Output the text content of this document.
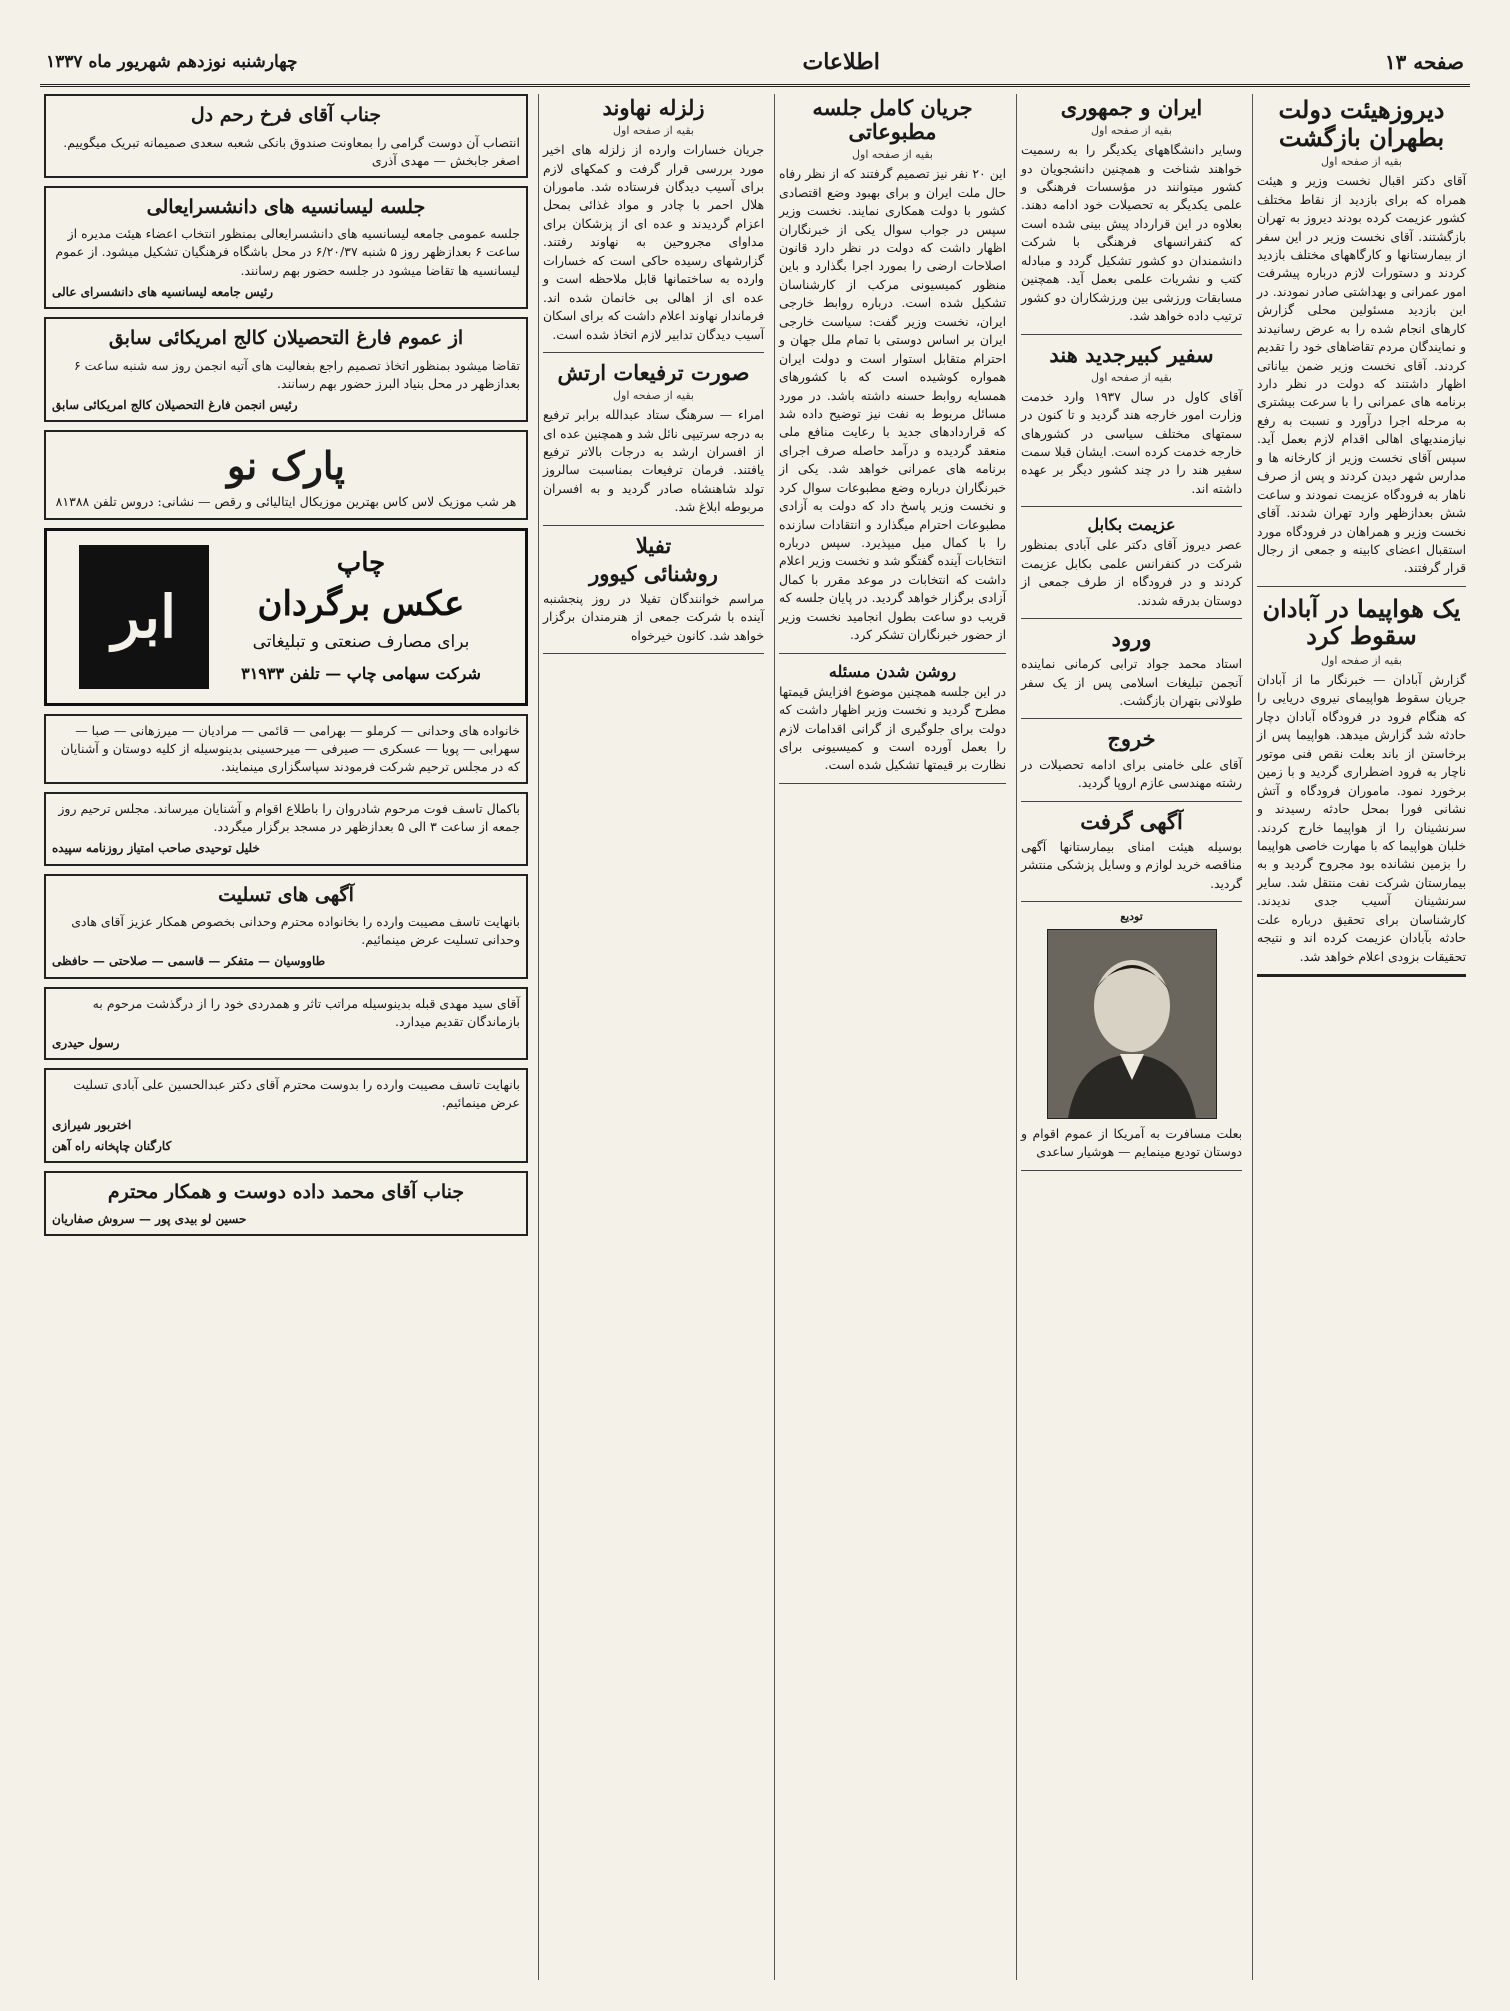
صفحه ۱۳
اطلاعات
چهارشنبه نوزدهم شهریور ماه ۱۳۳۷
دیروزهیئت دولت بطهران بازگشت
بقیه از صفحه اول
آقای دکتر اقبال نخست وزیر و هیئت همراه که برای بازدید از نقاط مختلف کشور عزیمت کرده بودند دیروز به تهران بازگشتند. آقای نخست وزیر در این سفر از بیمارستانها و کارگاههای مختلف بازدید کردند و دستورات لازم درباره پیشرفت امور عمرانی و بهداشتی صادر نمودند. در این بازدید مسئولین محلی گزارش کارهای انجام شده را به عرض رسانیدند و نمایندگان مردم تقاضاهای خود را تقدیم کردند. آقای نخست وزیر ضمن بیاناتی اظهار داشتند که دولت در نظر دارد برنامه های عمرانی را با سرعت بیشتری به مرحله اجرا درآورد و نسبت به رفع نیازمندیهای اهالی اقدام لازم بعمل آید. سپس آقای نخست وزیر از کارخانه ها و مدارس شهر دیدن کردند و پس از صرف ناهار به فرودگاه عزیمت نمودند و ساعت شش بعدازظهر وارد تهران شدند. آقای نخست وزیر و همراهان در فرودگاه مورد استقبال اعضای کابینه و جمعی از رجال قرار گرفتند.
یک هواپیما در آبادان سقوط کرد
بقیه از صفحه اول
گزارش آبادان — خبرنگار ما از آبادان جریان سقوط هواپیمای نیروی دریایی را که هنگام فرود در فرودگاه آبادان دچار حادثه شد گزارش میدهد. هواپیما پس از برخاستن از باند بعلت نقص فنی موتور ناچار به فرود اضطراری گردید و با زمین برخورد نمود. ماموران فرودگاه و آتش نشانی فورا بمحل حادثه رسیدند و سرنشینان را از هواپیما خارج کردند. خلبان هواپیما که با مهارت خاصی هواپیما را بزمین نشانده بود مجروح گردید و به بیمارستان شرکت نفت منتقل شد. سایر سرنشینان آسیب جدی ندیدند. کارشناسان برای تحقیق درباره علت حادثه بآبادان عزیمت کرده اند و نتیجه تحقیقات بزودی اعلام خواهد شد.
ایران و جمهوری
بقیه از صفحه اول
وسایر دانشگاههای یکدیگر را به رسمیت خواهند شناخت و همچنین دانشجویان دو کشور میتوانند در مؤسسات فرهنگی و علمی یکدیگر به تحصیلات خود ادامه دهند. بعلاوه در این قرارداد پیش بینی شده است که کنفرانسهای فرهنگی با شرکت دانشمندان دو کشور تشکیل گردد و مبادله کتب و نشریات علمی بعمل آید. همچنین مسابقات ورزشی بین ورزشکاران دو کشور ترتیب داده خواهد شد.
سفیر کبیرجدید هند
بقیه از صفحه اول
آقای کاول در سال ۱۹۳۷ وارد خدمت وزارت امور خارجه هند گردید و تا کنون در سمتهای مختلف سیاسی در کشورهای خارجه خدمت کرده است. ایشان قبلا سمت سفیر هند را در چند کشور دیگر بر عهده داشته اند.
عزیمت بکابل
عصر دیروز آقای دکتر علی آبادی بمنظور شرکت در کنفرانس علمی بکابل عزیمت کردند و در فرودگاه از طرف جمعی از دوستان بدرقه شدند.
ورود
استاد محمد جواد ترابی کرمانی نماینده آنجمن تبلیغات اسلامی پس از یک سفر طولانی بتهران بازگشت.
خروج
آقای علی خامنی برای ادامه تحصیلات در رشته مهندسی عازم اروپا گردید.
آگهی گرفت
بوسیله هیئت امنای بیمارستانها آگهی مناقصه خرید لوازم و وسایل پزشکی منتشر گردید.
تودیع
بعلت مسافرت به آمریکا از عموم اقوام و دوستان تودیع مینمایم — هوشیار ساعدی
جریان کامل جلسه مطبوعاتی
بقیه از صفحه اول
این ۲۰ نفر نیز تصمیم گرفتند که از نظر رفاه حال ملت ایران و برای بهبود وضع اقتصادی کشور با دولت همکاری نمایند. نخست وزیر سپس در جواب سوال یکی از خبرنگاران اظهار داشت که دولت در نظر دارد قانون اصلاحات ارضی را بمورد اجرا بگذارد و باین منظور کمیسیونی مرکب از کارشناسان تشکیل شده است. درباره روابط خارجی ایران، نخست وزیر گفت: سیاست خارجی ایران بر اساس دوستی با تمام ملل جهان و احترام متقابل استوار است و دولت ایران همواره کوشیده است که با کشورهای همسایه روابط حسنه داشته باشد. در مورد مسائل مربوط به نفت نیز توضیح داده شد که قراردادهای جدید با رعایت منافع ملی منعقد گردیده و درآمد حاصله صرف اجرای برنامه های عمرانی خواهد شد. یکی از خبرنگاران درباره وضع مطبوعات سوال کرد و نخست وزیر پاسخ داد که دولت به آزادی مطبوعات احترام میگذارد و انتقادات سازنده را با کمال میل میپذیرد. سپس درباره انتخابات آینده گفتگو شد و نخست وزیر اعلام داشت که انتخابات در موعد مقرر با کمال آزادی برگزار خواهد گردید. در پایان جلسه که قریب دو ساعت بطول انجامید نخست وزیر از حضور خبرنگاران تشکر کرد.
روشن شدن مسئله
در این جلسه همچنین موضوع افزایش قیمتها مطرح گردید و نخست وزیر اظهار داشت که دولت برای جلوگیری از گرانی اقدامات لازم را بعمل آورده است و کمیسیونی برای نظارت بر قیمتها تشکیل شده است.
زلزله نهاوند
بقیه از صفحه اول
جریان خسارات وارده از زلزله های اخیر مورد بررسی قرار گرفت و کمکهای لازم برای آسیب دیدگان فرستاده شد. ماموران هلال احمر با چادر و مواد غذائی بمحل اعزام گردیدند و عده ای از پزشکان برای مداوای مجروحین به نهاوند رفتند. گزارشهای رسیده حاکی است که خسارات وارده به ساختمانها قابل ملاحظه است و عده ای از اهالی بی خانمان شده اند. فرماندار نهاوند اعلام داشت که برای اسکان آسیب دیدگان تدابیر لازم اتخاذ شده است.
صورت ترفیعات ارتش
بقیه از صفحه اول
امراء — سرهنگ ستاد عبدالله برابر ترفیع به درجه سرتیپی نائل شد و همچنین عده ای از افسران ارشد به درجات بالاتر ترفیع یافتند. فرمان ترفیعات بمناسبت سالروز تولد شاهنشاه صادر گردید و به افسران مربوطه ابلاغ شد.
تفیلا
روشنائی کیوور
مراسم خوانندگان تفیلا در روز پنجشنبه آینده با شرکت جمعی از هنرمندان برگزار خواهد شد. کانون خیرخواه
جناب آقای فرخ رحم دل
انتصاب آن دوست گرامی را بمعاونت صندوق بانکی شعبه سعدی صمیمانه تبریک میگوییم. اصغر جابخش — مهدی آذری
جلسه لیسانسیه های دانشسرایعالی
جلسه عمومی جامعه لیسانسیه های دانشسرایعالی بمنظور انتخاب اعضاء هیئت مدیره از ساعت ۶ بعدازظهر روز ۵ شنبه ۶/۲۰/۳۷ در محل باشگاه فرهنگیان تشکیل میشود. از عموم لیسانسیه ها تقاضا میشود در جلسه حضور بهم رسانند.
رئیس جامعه لیسانسیه های دانشسرای عالی
از عموم فارغ التحصیلان کالج امریکائی سابق
تقاضا میشود بمنظور اتخاذ تصمیم راجع بفعالیت های آتیه انجمن روز سه شنبه ساعت ۶ بعدازظهر در محل بنیاد البرز حضور بهم رسانند.
رئیس انجمن فارغ التحصیلان کالج امریکائی سابق
پارک نو
هر شب موزیک لاس کاس بهترین موزیکال ایتالیائی و رقص — نشانی: دروس تلفن ۸۱۳۸۸
ابر
چاپ
عکس برگردان
برای مصارف صنعتی و تبلیغاتی
شرکت سهامی چاپ — تلفن ۳۱۹۳۳
خانواده های وحدانی — کرملو — بهرامی — قائمی — مرادیان — میرزهانی — صبا — سهرابی — پویا — عسکری — صیرفی — میرحسینی بدینوسیله از کلیه دوستان و آشنایان که در مجلس ترحیم شرکت فرمودند سپاسگزاری مینمایند.
باکمال تاسف فوت مرحوم شادروان را باطلاع اقوام و آشنایان میرساند. مجلس ترحیم روز جمعه از ساعت ۳ الی ۵ بعدازظهر در مسجد برگزار میگردد.
خلیل توحیدی صاحب امتیاز روزنامه سپیده
آگهی های تسلیت
بانهایت تاسف مصیبت وارده را بخانواده محترم وحدانی بخصوص همکار عزیز آقای هادی وحدانی تسلیت عرض مینمائیم.
طاووسیان — متفکر — قاسمی — صلاحتی — حافظی
آقای سید مهدی قبله بدینوسیله مراتب تاثر و همدردی خود را از درگذشت مرحوم به بازماندگان تقدیم میدارد.
رسول حیدری
بانهایت تاسف مصیبت وارده را بدوست محترم آقای دکتر عبدالحسین علی آبادی تسلیت عرض مینمائیم.
اختربور شیرازی
کارگنان چاپخانه راه آهن
جناب آقای محمد داده دوست و همکار محترم
حسین لو بیدی پور — سروش صفاریان
